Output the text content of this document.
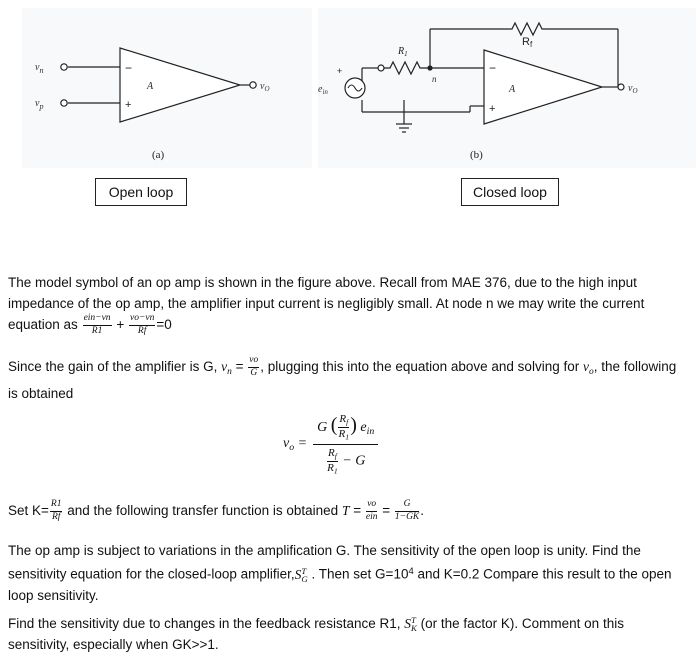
$v_n$
$v_p$
−
+
A	$v_O$
(a)
+
$e_{in}$
$R_1$
Rf
n
−
+
A	$v_O$
(b)
Open loop	Closed loop
The model symbol of an op amp is shown in the figure above. Recall from MAE 376, due to the high input impedance of the op amp, the amplifier input current is negligibly small. At node n we may write the current equation as $\frac{\text{ein−vn}}{R1} + \frac{vo-vn}{Rf} =0$
Since the gain of the amplifier is G, $v_n = \frac{vo}{G}$ , plugging this into the equation above and solving for $v_o$, the following is obtained
$v_o$ =	G ( $\frac{R_f}{R_1}$ ) $e_{in}$

$\frac{R_f}{R_1} - G$
Set $K= \frac{R1}{Rf}$ and the following transfer function is obtained $T = \frac{vo}{\text{ein}} = \frac{G}{1-GK}$ .
The op amp is subject to variations in the amplification G. The sensitivity of the open loop is unity. Find the sensitivity equation for the closed-loop amplifier,S T
G . Then set $G=10^4$ and K=0.2 Compare this result to the open loop sensitivity.
Find the sensitivity due to changes in the feedback resistance R1, S T
K (or the factor K). Comment on this sensitivity, especially when GK>>1.
